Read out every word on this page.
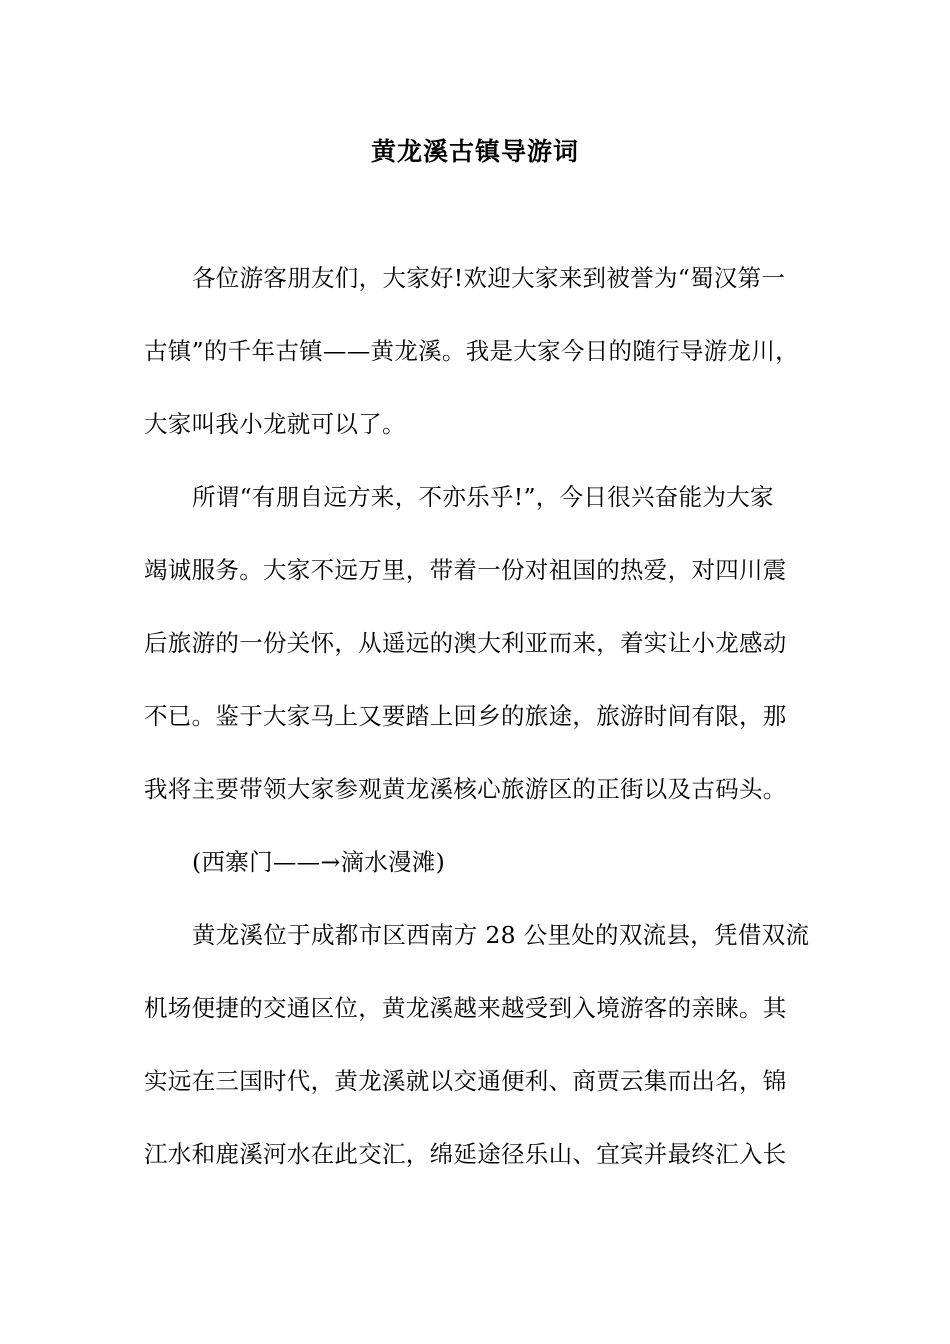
黄龙溪古镇导游词
各位游客朋友们，大家好!欢迎大家来到被誉为“蜀汉第一
古镇”的千年古镇——黄龙溪。我是大家今日的随行导游龙川，
大家叫我小龙就可以了。
所谓“有朋自远方来，不亦乐乎!”，今日很兴奋能为大家
竭诚服务。大家不远万里，带着一份对祖国的热爱，对四川震
后旅游的一份关怀，从遥远的澳大利亚而来，着实让小龙感动
不已。鉴于大家马上又要踏上回乡的旅途，旅游时间有限，那
我将主要带领大家参观黄龙溪核心旅游区的正街以及古码头。
(西寨门——→滴水漫滩)
黄龙溪位于成都市区西南方 28 公里处的双流县，凭借双流
机场便捷的交通区位，黄龙溪越来越受到入境游客的亲睐。其
实远在三国时代，黄龙溪就以交通便利、商贾云集而出名，锦
江水和鹿溪河水在此交汇，绵延途径乐山、宜宾并最终汇入长
